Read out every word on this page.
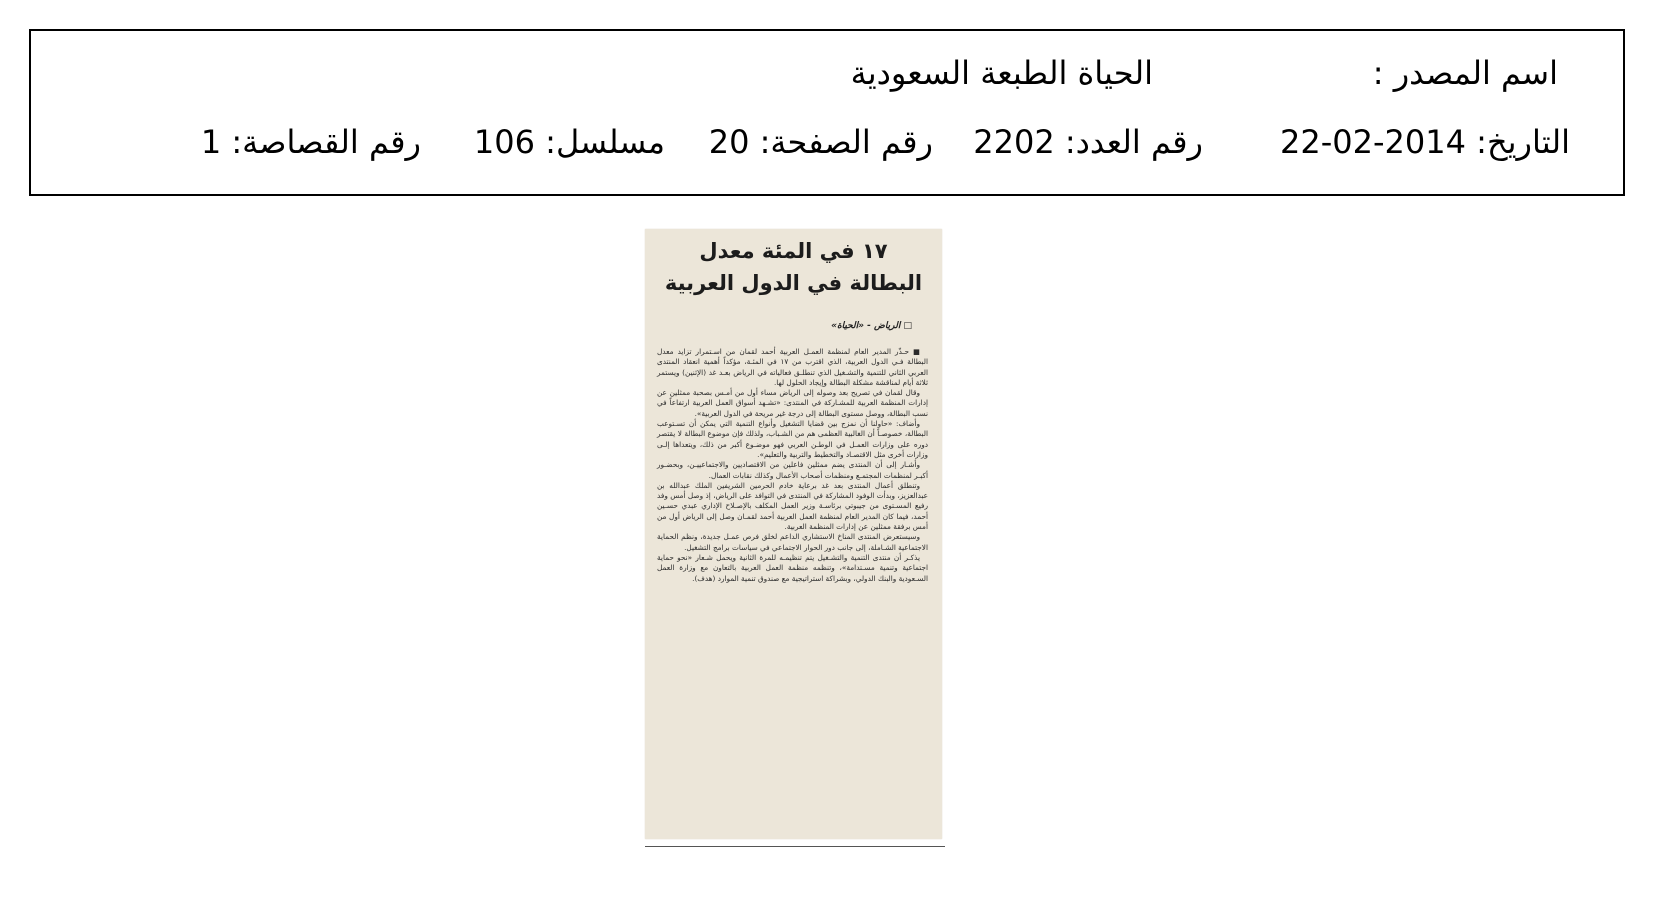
اسم المصدر :
الحياة الطبعة السعودية
التاريخ: 2014-02-22
رقم العدد: 2202
رقم الصفحة: 20
مسلسل: 106
رقم القصاصة: 1
١٧ في المئة معدل
البطالة في الدول العربية
□ الرياض - «الحياة»

■ حـذّر المدير العام لمنظمة العمـل العربية أحمد لقمان من اسـتمرار تزايد معدل البطالة فـي الدول العربية، الذي اقترب من ١٧ في المئـة، مؤكداً أهمية انعقاد المنتدى العربي الثاني للتنمية والتشـغيل الذي تنطلـق فعالياته في الرياض بعـد غد (الإثنين) ويستمر ثلاثة أيام لمناقشة مشكلة البطالة وإيجاد الحلول لها.

وقال لقمان في تصريح بعد وصوله إلى الرياض مساء أول من أمـس بصحبة ممثلين عن إدارات المنظمة العربية للمشـاركة في المنتدى: «تشـهد أسواق العمل العربية ارتفاعاً في نسب البطالة، ووصل مستوى البطالة إلى درجة غير مريحة في الدول العربية».

وأضاف: «حاولنا أن نمزج بين قضايا التشغيل وأنواع التنمية التي يمكن أن تسـتوعب البطالة، خصوصـاً أن الغالبية العظمى هم من الشـباب، ولذلك فإن موضوع البطالة لا يقتصر دوره على وزارات العمـل في الوطـن العربي فهو موضـوع أكبر من ذلك، ويتعداها إلـى وزارات أخرى مثل الاقتصـاد والتخطيط والتربية والتعليم».

وأشـار إلى أن المنتدى يضم ممثلين فاعلين من الاقتصاديين والاجتماعييـن، وبحضـور أكبـر لمنظمات المجتمـع ومنظمات أصحاب الأعمال وكذلك نقابات العمال.

وتنطلق أعمال المنتدى بعد غد برعاية خادم الحرمين الشريفين الملك عبدالله بن عبدالعزيز، وبدأت الوفود المشاركة في المنتدى في التوافد على الرياض، إذ وصل أمس وفد رفيع المسـتوى من جيبوتي برئاسـة وزير العمل المكلف بالإصـلاح الإداري عبدي حسـين أحمد، فيما كان المدير العام لمنظمة العمل العربية أحمد لقمـان وصل إلى الرياض أول من أمس برفقة ممثلين عن إدارات المنظمة العربية.

وسيستعرض المنتدى المناخ الاستشاري الداعم لخلق فرص عمـل جديدة، ونظم الحماية الاجتماعية الشـاملة، إلى جانب دور الحوار الاجتماعي في سياسات برامج التشغيل.

يذكـر أن منتدى التنمية والتشـغيل يتم تنظيمـه للمرة الثانية ويحمل شـعار «نحو حماية اجتماعية وتنمية مسـتدامة»، وتنظمه منظمة العمل العربية بالتعاون مع وزارة العمل السـعودية والبنك الدولي، وبشراكة استراتيجية مع صندوق تنمية الموارد (هدف).
